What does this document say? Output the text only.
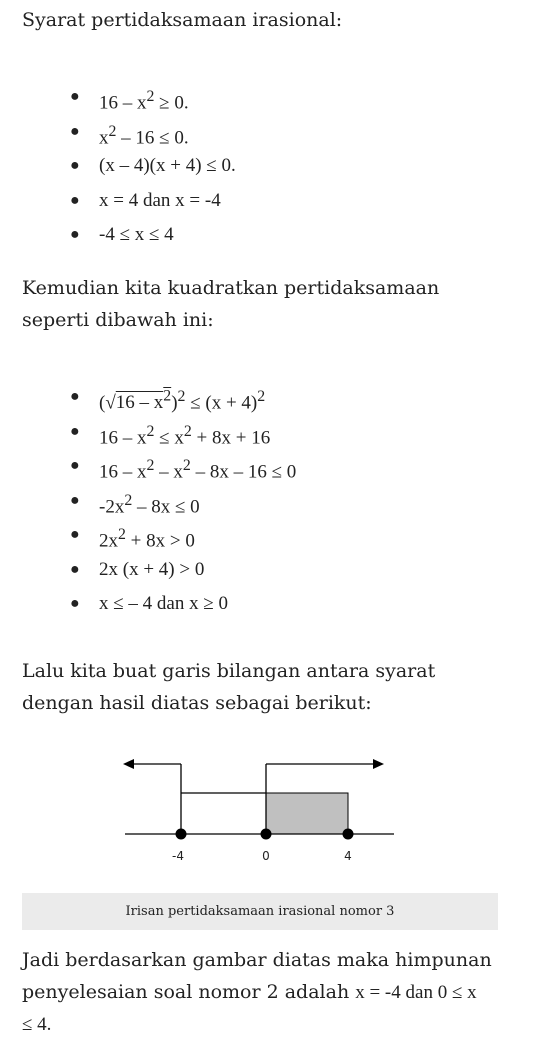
Syarat pertidaksamaan irasional:
● $16 - x^2 \ge 0$.
● $x^2 - 16 \le 0$.
● (x – 4)(x + 4) ≤ 0.
● x = 4 dan x = -4
● -4 ≤ x ≤ 4
Kemudian kita kuadratkan pertidaksamaan
seperti dibawah ini:
● $(√16 - x^2)^2 \le (x + 4)^2$
● $16 - x^2 \le x^2 + 8x + 16$
● $16 - x^2 - x^2 - 8x - 16 \le 0$
● $-2x^2 - 8x \le 0$
● $2x^2 + 8x > 0$
● 2x (x + 4) > 0
● x ≤ – 4 dan x ≥ 0
Lalu kita buat garis bilangan antara syarat
dengan hasil diatas sebagai berikut:
-4	0	4
Irisan pertidaksamaan irasional nomor 3
Jadi berdasarkan gambar diatas maka himpunan
penyelesaian soal nomor 2 adalah x = -4 dan 0 ≤ x
≤ 4.
